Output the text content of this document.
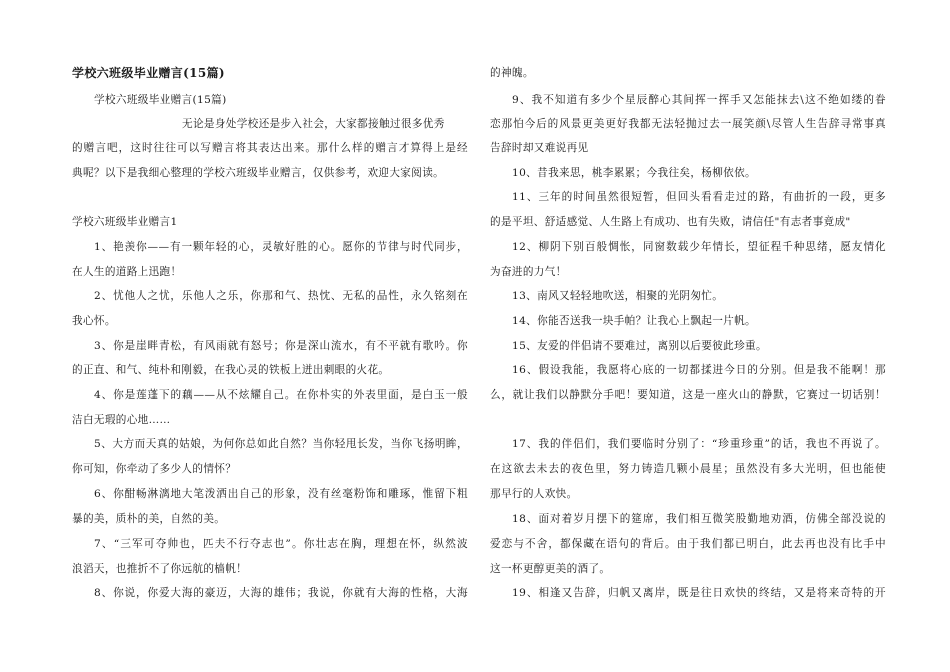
学校六班级毕业赠言(15篇)
学校六班级毕业赠言(15篇)
无论是身处学校还是步入社会，大家都接触过很多优秀
的赠言吧，这时往往可以写赠言将其表达出来。那什么样的赠言才算得上是经
典呢？以下是我细心整理的学校六班级毕业赠言，仅供参考，欢迎大家阅读。
学校六班级毕业赠言1
1、艳羡你——有一颗年轻的心，灵敏好胜的心。愿你的节律与时代同步，
在人生的道路上迅跑！
2、忧他人之忧，乐他人之乐，你那和气、热忱、无私的品性，永久铭刻在
我心怀。
3、你是崖畔青松，有风雨就有怒号；你是深山流水，有不平就有歌吟。你
的正直、和气、纯朴和刚毅，在我心灵的铁板上迸出刺眼的火花。
4、你是莲蓬下的藕——从不炫耀自己。在你朴实的外表里面，是白玉一般
洁白无瑕的心地……
5、大方而天真的姑娘，为何你总如此自然？当你轻甩长发，当你飞扬明眸，
你可知，你牵动了多少人的情怀？
6、你酣畅淋漓地大笔泼洒出自己的形象，没有丝毫粉饰和雕琢，惟留下粗
暴的美，质朴的美，自然的美。
7、“三军可夺帅也，匹夫不行夺志也”。你壮志在胸，理想在怀，纵然波
浪滔天，也推折不了你远航的樯帆！
8、你说，你爱大海的豪迈，大海的雄伟；我说，你就有大海的性格，大海
的神魄。
9、我不知道有多少个星辰醉心其间挥一挥手又怎能抹去\这不绝如缕的眷
恋那怕今后的风景更美更好我都无法轻抛过去一展笑颜\尽管人生告辞寻常事真
告辞时却又难说再见
10、昔我来思，桃李累累；今我往矣，杨柳依依。
11、三年的时间虽然很短暂，但回头看看走过的路，有曲折的一段，更多
的是平坦、舒适感觉、人生路上有成功、也有失败，请信任"有志者事竟成"
12、柳阴下别百般惆怅，同窗数载少年情长，望征程千种思绪，愿友情化
为奋进的力气！
13、南风又轻轻地吹送，相聚的光阴匆忙。
14、你能否送我一块手帕？让我心上飘起一片帆。
15、友爱的伴侣请不要难过，离别以后要彼此珍重。
16、假设我能，我愿将心底的一切都揉进今日的分别。但是我不能啊！那
么，就让我们以静默分手吧！要知道，这是一座火山的静默，它赛过一切话别！
17、我的伴侣们，我们要临时分别了：“珍重珍重”的话，我也不再说了。
在这欲去未去的夜色里，努力铸造几颗小晨星；虽然没有多大光明，但也能使
那早行的人欢快。
18、面对着岁月摆下的筵席，我们相互微笑股勤地劝酒，仿佛全部没说的
爱恋与不舍，都保藏在语句的背后。由于我们都已明白，此去再也没有比手中
这一杯更醇更美的酒了。
19、相逢又告辞，归帆又离岸，既是往日欢快的终结，又是将来奇特的开
